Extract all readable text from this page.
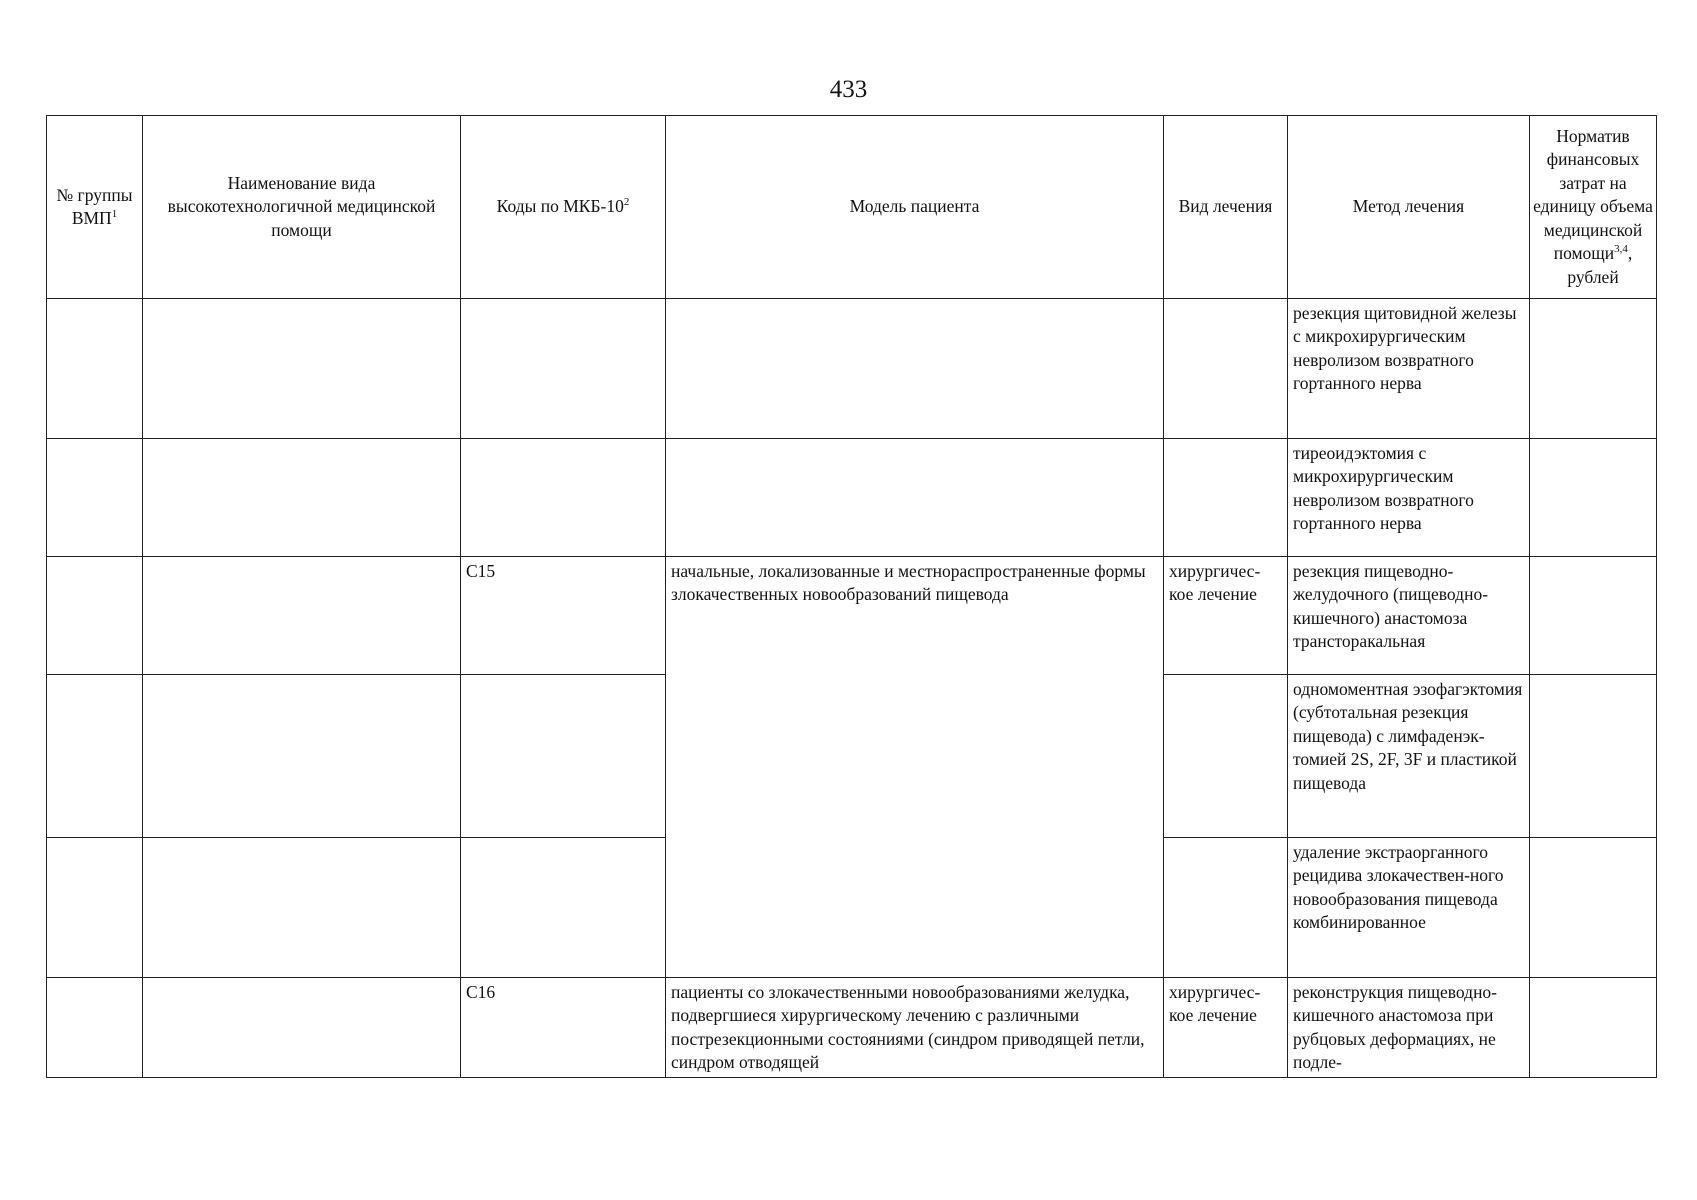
433
№ группы ВМП$^1$	Наименование вида высокотехнологичной медицинской помощи	Коды по МКБ-$10^2$	Модель пациента	Вид лечения	Метод лечения	Норматив финансовых затрат на единицу объема медицинской помощи$^{3,4}$, рублей
					резекция щитовидной железы с микрохирургическим невролизом возвратного гортанного нерва	
					тиреоидэктомия с микрохирургическим невролизом возвратного гортанного нерва	
		C15	начальные, локализованные и местнораспространенные формы злокачественных новообразований пищевода	хирургичес-кое лечение	резекция пищеводно-желудочного (пищеводно-кишечного) анастомоза трансторакальная	
					одномоментная эзофагэктомия (субтотальная резекция пищевода) с лимфаденэк-томией 2S, 2F, 3F и пластикой пищевода	
					удаление экстраорганного рецидива злокачествен-ного новообразования пищевода комбинированное	
		C16	пациенты со злокачественными новообразованиями желудка, подвергшиеся хирургическому лечению с различными пострезекционными состояниями (синдром приводящей петли, синдром отводящей	хирургичес-кое лечение	реконструкция пищеводно-кишечного анастомоза при рубцовых деформациях, не подле-	
